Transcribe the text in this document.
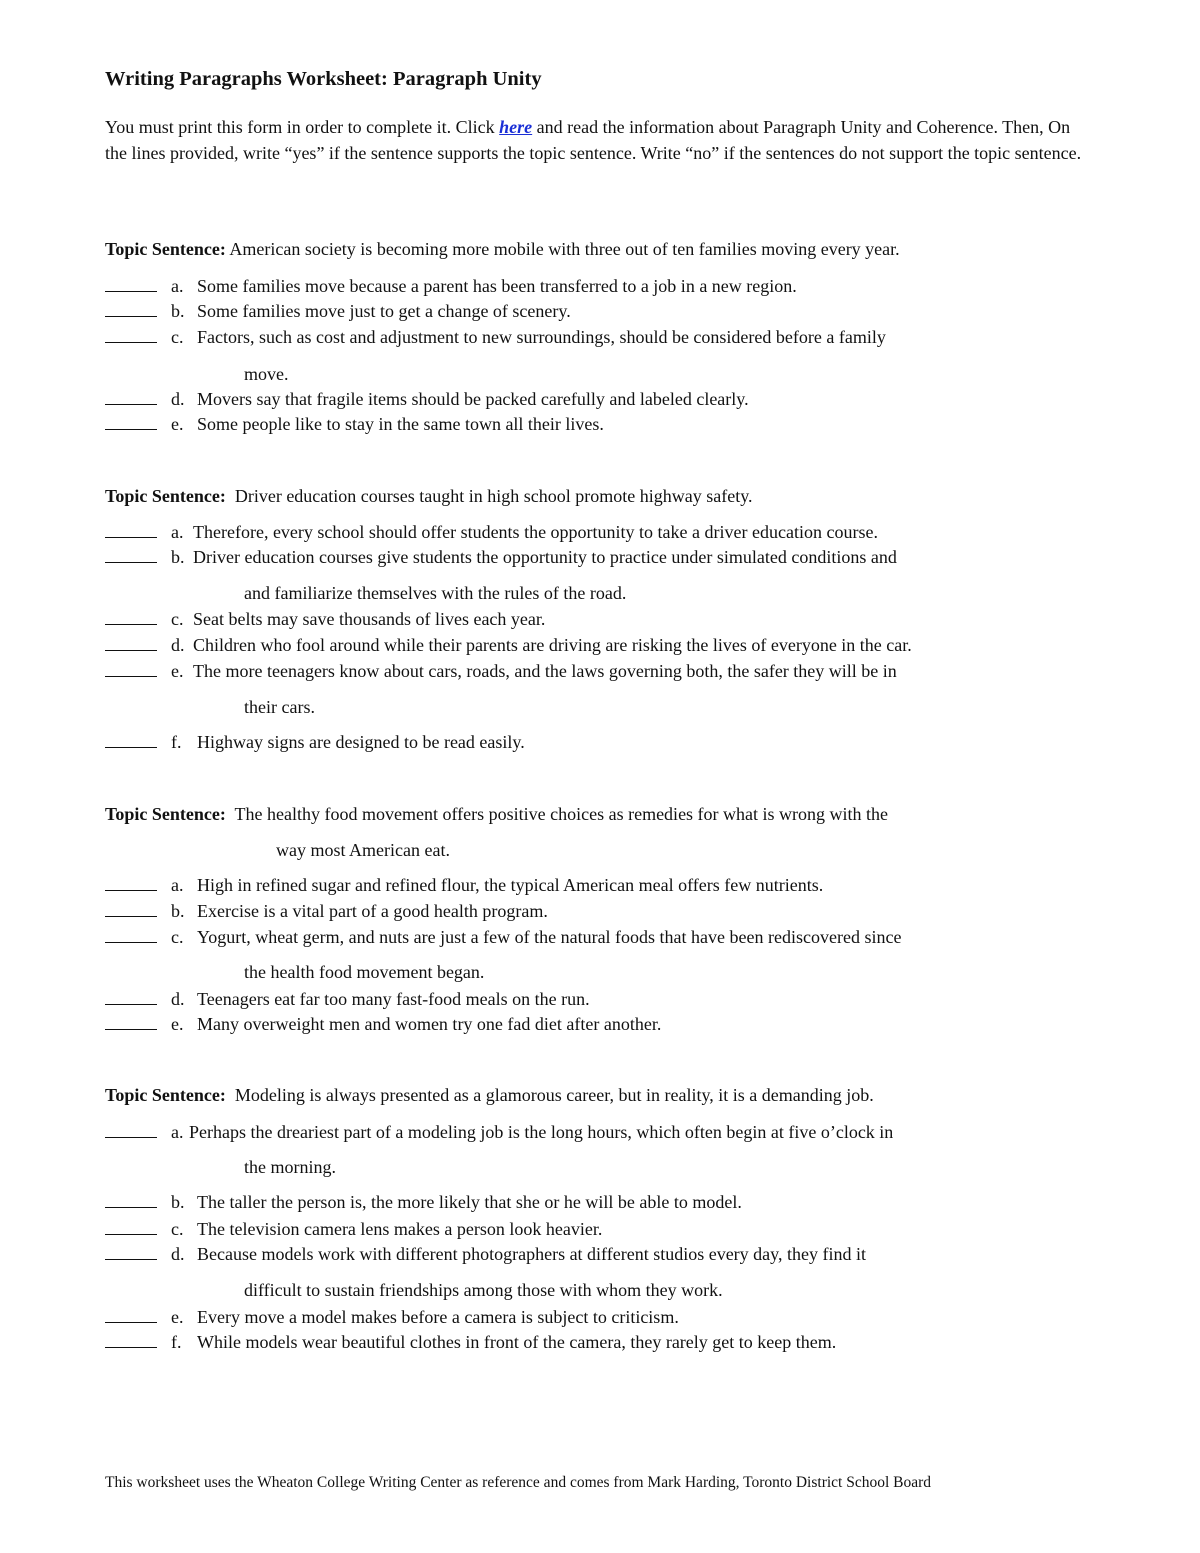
Writing Paragraphs Worksheet: Paragraph Unity
You must print this form in order to complete it. Click here and read the information about Paragraph Unity and Coherence. Then, On the lines provided, write “yes” if the sentence supports the topic sentence. Write “no” if the sentences do not support the topic sentence.
Topic Sentence: American society is becoming more mobile with three out of ten families moving every year.
a. Some families move because a parent has been transferred to a job in a new region.
b. Some families move just to get a change of scenery.
c. Factors, such as cost and adjustment to new surroundings, should be considered before a family
move.
d. Movers say that fragile items should be packed carefully and labeled clearly.
e. Some people like to stay in the same town all their lives.
Topic Sentence: Driver education courses taught in high school promote highway safety.
a. Therefore, every school should offer students the opportunity to take a driver education course.
b. Driver education courses give students the opportunity to practice under simulated conditions and
and familiarize themselves with the rules of the road.
c. Seat belts may save thousands of lives each year.
d. Children who fool around while their parents are driving are risking the lives of everyone in the car.
e. The more teenagers know about cars, roads, and the laws governing both, the safer they will be in
their cars.
f. Highway signs are designed to be read easily.
Topic Sentence: The healthy food movement offers positive choices as remedies for what is wrong with the
way most American eat.
a. High in refined sugar and refined flour, the typical American meal offers few nutrients.
b. Exercise is a vital part of a good health program.
c. Yogurt, wheat germ, and nuts are just a few of the natural foods that have been rediscovered since
the health food movement began.
d. Teenagers eat far too many fast-food meals on the run.
e. Many overweight men and women try one fad diet after another.
Topic Sentence: Modeling is always presented as a glamorous career, but in reality, it is a demanding job.
a. Perhaps the dreariest part of a modeling job is the long hours, which often begin at five o’clock in
the morning.
b. The taller the person is, the more likely that she or he will be able to model.
c. The television camera lens makes a person look heavier.
d. Because models work with different photographers at different studios every day, they find it
difficult to sustain friendships among those with whom they work.
e. Every move a model makes before a camera is subject to criticism.
f. While models wear beautiful clothes in front of the camera, they rarely get to keep them.
This worksheet uses the Wheaton College Writing Center as reference and comes from Mark Harding, Toronto District School Board
